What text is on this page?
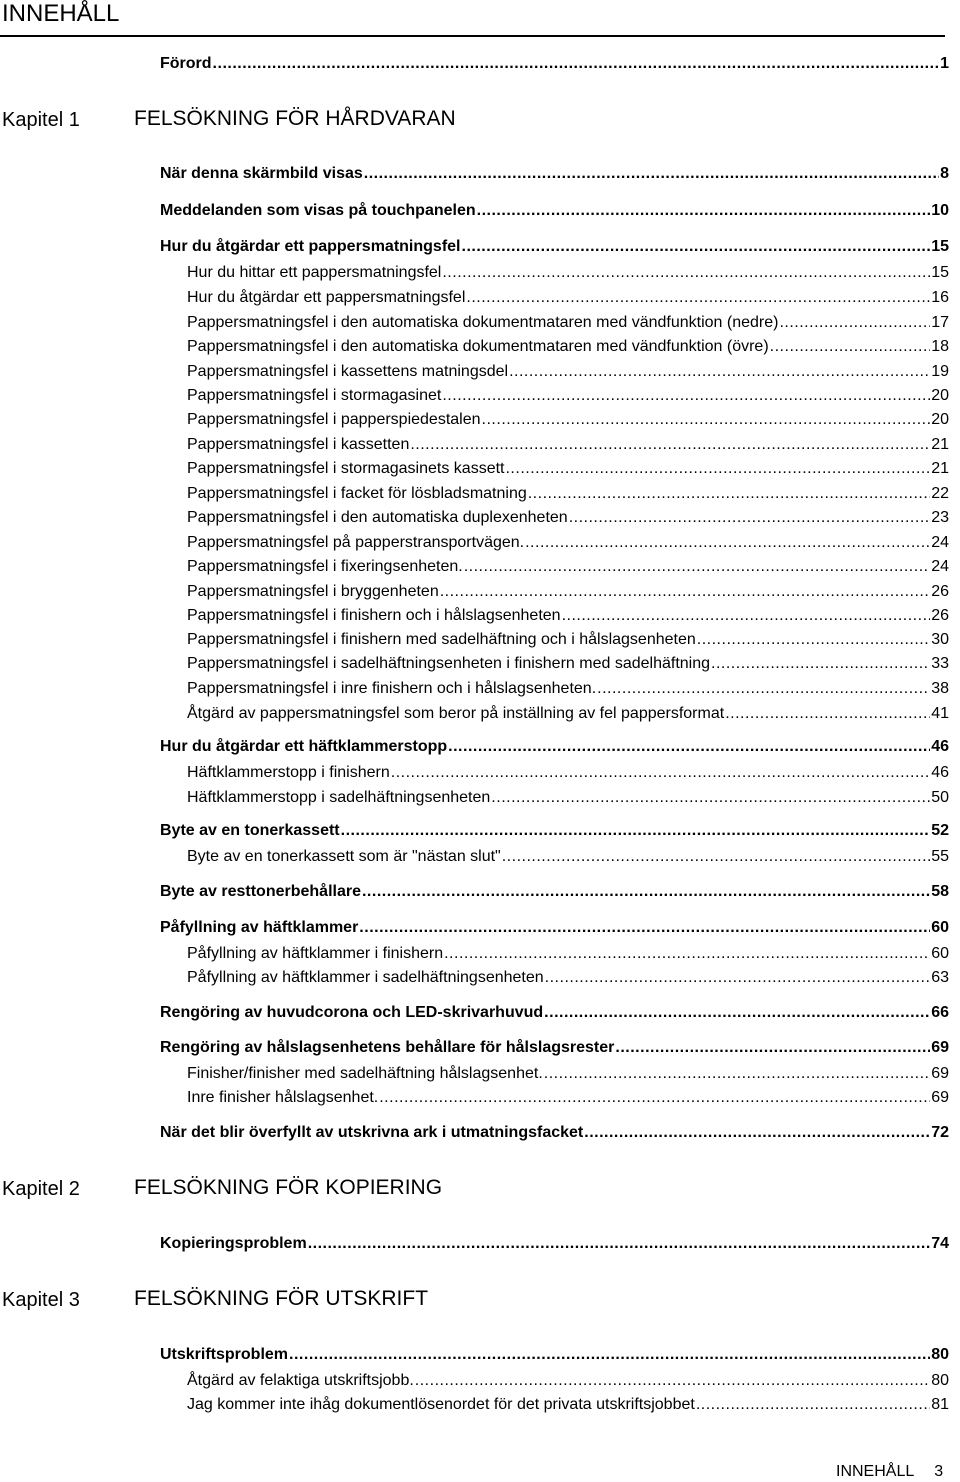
INNEHÅLL
Förord .....	1
Kapitel 1	FELSÖKNING FÖR HÅRDVARAN
När denna skärmbild visas .....	8
Meddelanden som visas på touchpanelen .....	10
Hur du åtgärdar ett pappersmatningsfel .....	15
Hur du hittar ett pappersmatningsfel .....	15
Hur du åtgärdar ett pappersmatningsfel .....	16
Pappersmatningsfel i den automatiska dokumentmataren med vändfunktion (nedre) .....	17
Pappersmatningsfel i den automatiska dokumentmataren med vändfunktion (övre) .....	18
Pappersmatningsfel i kassettens matningsdel .....	19
Pappersmatningsfel i stormagasinet .....	20
Pappersmatningsfel i papperspiedestalen .....	20
Pappersmatningsfel i kassetten .....	21
Pappersmatningsfel i stormagasinets kassett .....	21
Pappersmatningsfel i facket för lösbladsmatning .....	22
Pappersmatningsfel i den automatiska duplexenheten .....	23
Pappersmatningsfel på papperstransportvägen. .....	24
Pappersmatningsfel i fixeringsenheten. .....	24
Pappersmatningsfel i bryggenheten .....	26
Pappersmatningsfel i finishern och i hålslagsenheten .....	26
Pappersmatningsfel i finishern med sadelhäftning och i hålslagsenheten .....	30
Pappersmatningsfel i sadelhäftningsenheten i finishern med sadelhäftning .....	33
Pappersmatningsfel i inre finishern och i hålslagsenheten. .....	38
Åtgärd av pappersmatningsfel som beror på inställning av fel pappersformat .....	41
Hur du åtgärdar ett häftklammerstopp .....	46
Häftklammerstopp i finishern .....	46
Häftklammerstopp i sadelhäftningsenheten .....	50
Byte av en tonerkassett .....	52
Byte av en tonerkassett som är "nästan slut" .....	55
Byte av resttonerbehållare .....	58
Påfyllning av häftklammer .....	60
Påfyllning av häftklammer i finishern .....	60
Påfyllning av häftklammer i sadelhäftningsenheten .....	63
Rengöring av huvudcorona och LED-skrivarhuvud .....	66
Rengöring av hålslagsenhetens behållare för hålslagsrester .....	69
Finisher/finisher med sadelhäftning hålslagsenhet. .....	69
Inre finisher hålslagsenhet. .....	69
När det blir överfyllt av utskrivna ark i utmatningsfacket .....	72
Kapitel 2	FELSÖKNING FÖR KOPIERING
Kopieringsproblem .....	74
Kapitel 3	FELSÖKNING FÖR UTSKRIFT
Utskriftsproblem .....	80
Åtgärd av felaktiga utskriftsjobb. .....	80
Jag kommer inte ihåg dokumentlösenordet för det privata utskriftsjobbet .....	81
INNEHÅLL 3
